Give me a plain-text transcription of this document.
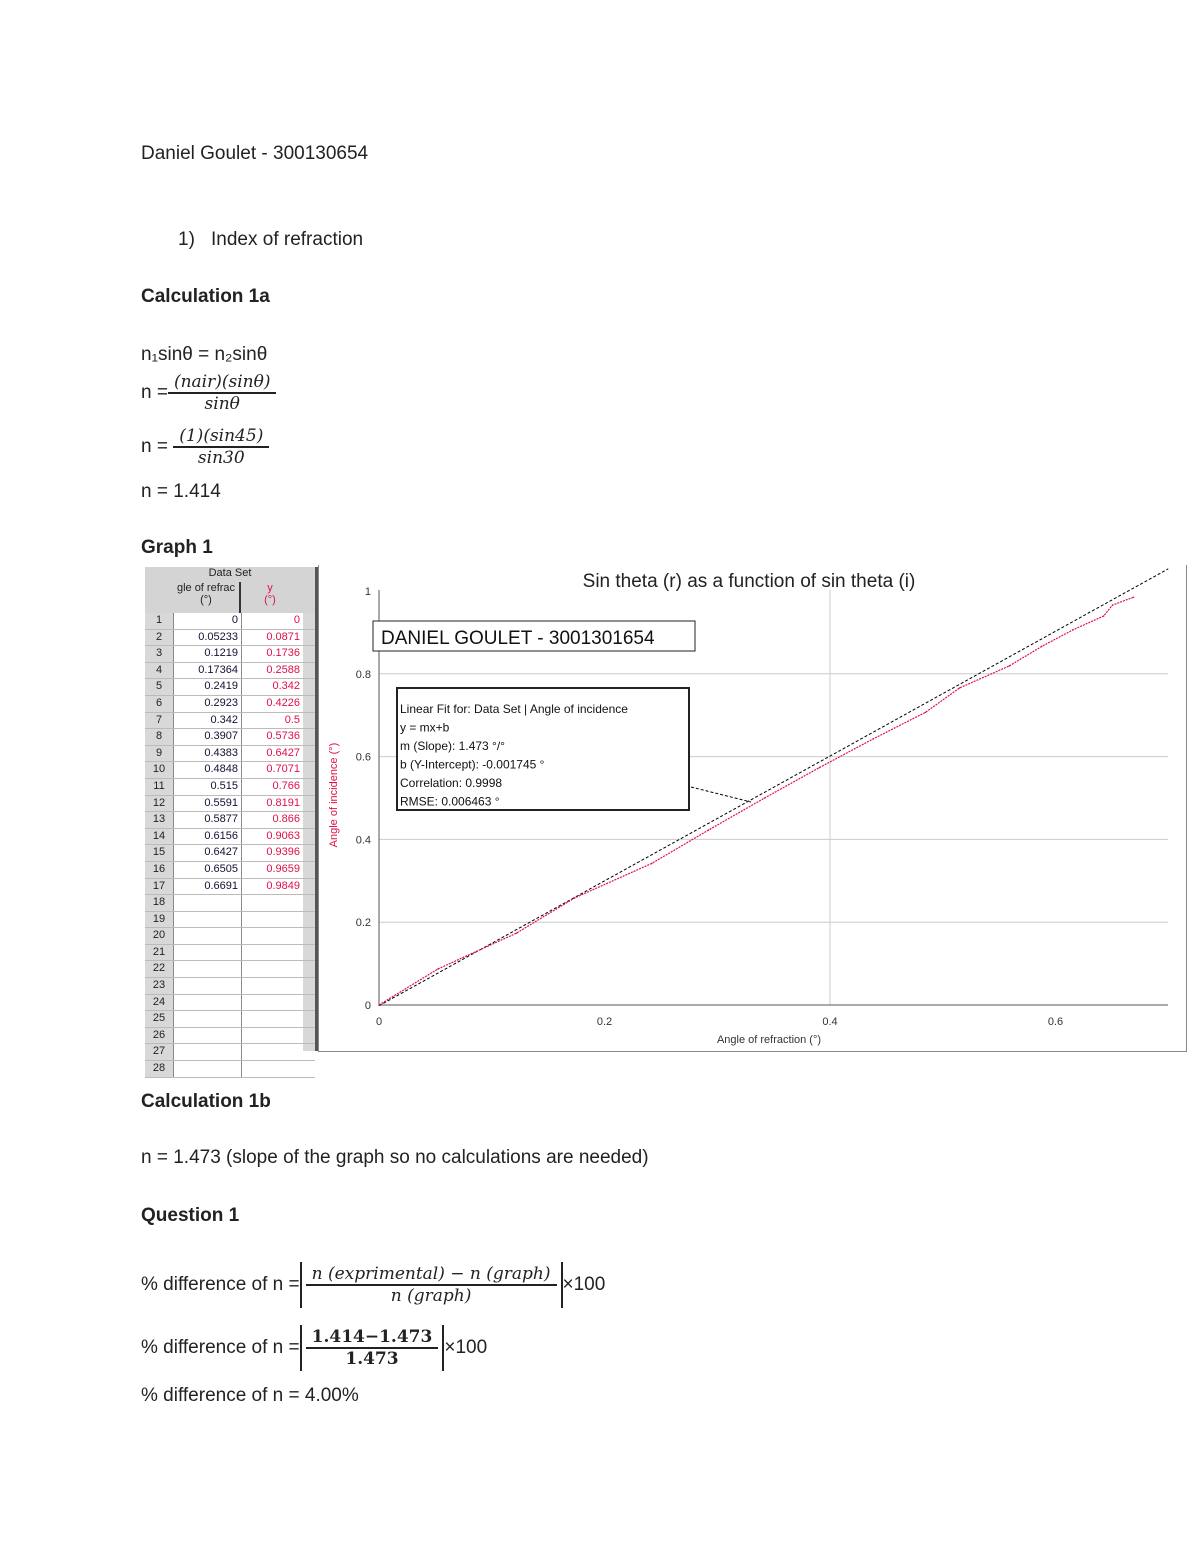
Daniel Goulet - 300130654
1) Index of refraction
Calculation 1a
n₁sinθ = n₂sinθ
$n = \frac{\text{(nair)(sinθ)}}{\sin\theta}$
$n = \frac{(1)(\sin 45)}{\sin 30}$
n = 1.414
Graph 1
Data Set
gle of refrac
(°)
y
(°)
1	0	0
2	0.05233	0.0871
3	0.1219	0.1736
4	0.17364	0.2588
5	0.2419	0.342
6	0.2923	0.4226
7	0.342	0.5
8	0.3907	0.5736
9	0.4383	0.6427
10	0.4848	0.7071
11	0.515	0.766
12	0.5591	0.8191
13	0.5877	0.866
14	0.6156	0.9063
15	0.6427	0.9396
16	0.6505	0.9659
17	0.6691	0.9849
18
19
20
21
22
23
24
25
26
27
28
0
0.2
0.4
0.6
0.8
1
0	0.2	0.4	0.6
Sin theta (r) as a function of sin theta (i)
Angle of refraction (°)
Angle of incidence (°)
DANIEL GOULET - 3001301654
Linear Fit for: Data Set | Angle of incidence
y = mx+b
m (Slope): 1.473 °/°
b (Y-Intercept): -0.001745 °
Correlation: 0.9998
RMSE: 0.006463 °
Calculation 1b
n = 1.473 (slope of the graph so no calculations are needed)
Question 1
% difference of $n = \frac{\text{n (exprimental) − n (graph)}}{\text{n (graph)}} \times 100$
% difference of $n = \frac{1.414-1.473}{1.473} \times 100$
% difference of n = 4.00%
